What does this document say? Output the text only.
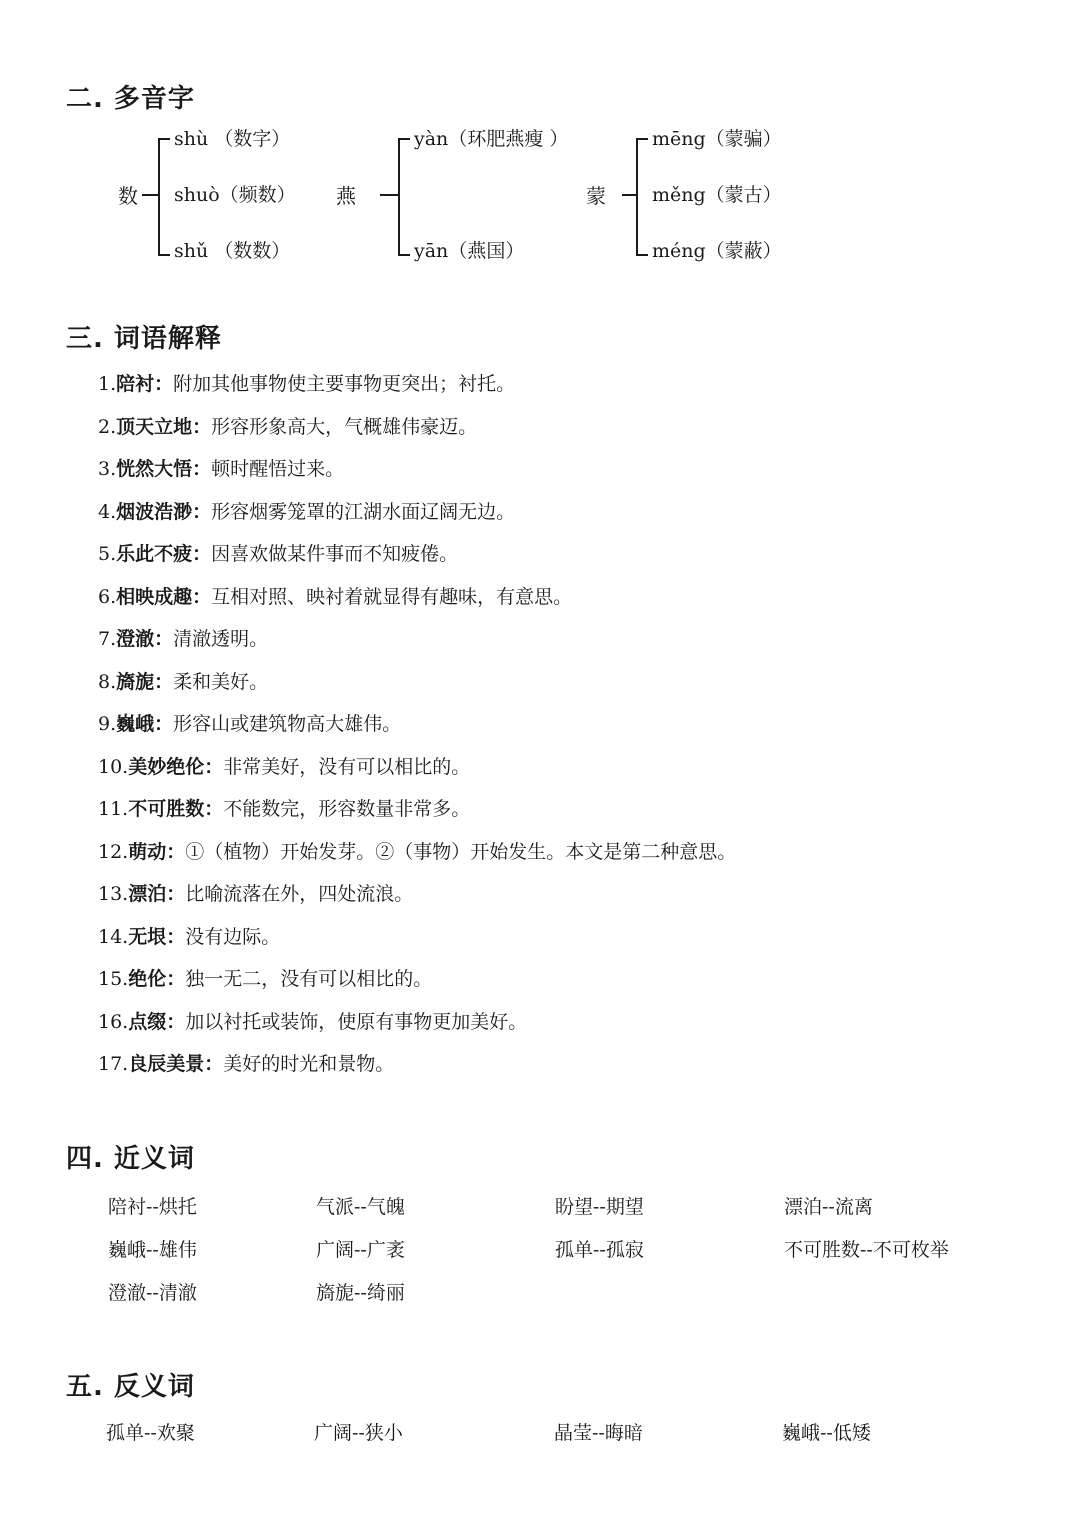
二. 多音字
数
shù （数字）
shuò（频数）
shǔ （数数）
燕
yàn（环肥燕瘦 ）
yān（燕国）
蒙
mēng（蒙骗）
měng（蒙古）
méng（蒙蔽）
三. 词语解释
1.陪衬：附加其他事物使主要事物更突出；衬托。
2.顶天立地：形容形象高大，气概雄伟豪迈。
3.恍然大悟：顿时醒悟过来。
4.烟波浩渺：形容烟雾笼罩的江湖水面辽阔无边。
5.乐此不疲：因喜欢做某件事而不知疲倦。
6.相映成趣：互相对照、映衬着就显得有趣味，有意思。
7.澄澈：清澈透明。
8.旖旎：柔和美好。
9.巍峨：形容山或建筑物高大雄伟。
10.美妙绝伦：非常美好，没有可以相比的。
11.不可胜数：不能数完，形容数量非常多。
12.萌动：①（植物）开始发芽。②（事物）开始发生。本文是第二种意思。
13.漂泊：比喻流落在外，四处流浪。
14.无垠：没有边际。
15.绝伦：独一无二，没有可以相比的。
16.点缀：加以衬托或装饰，使原有事物更加美好。
17.良辰美景：美好的时光和景物。
四. 近义词
陪衬--烘托	气派--气魄	盼望--期望	漂泊--流离
巍峨--雄伟	广阔--广袤	孤单--孤寂	不可胜数--不可枚举
澄澈--清澈	旖旎--绮丽
五. 反义词
孤单--欢聚	广阔--狭小	晶莹--晦暗	巍峨--低矮
